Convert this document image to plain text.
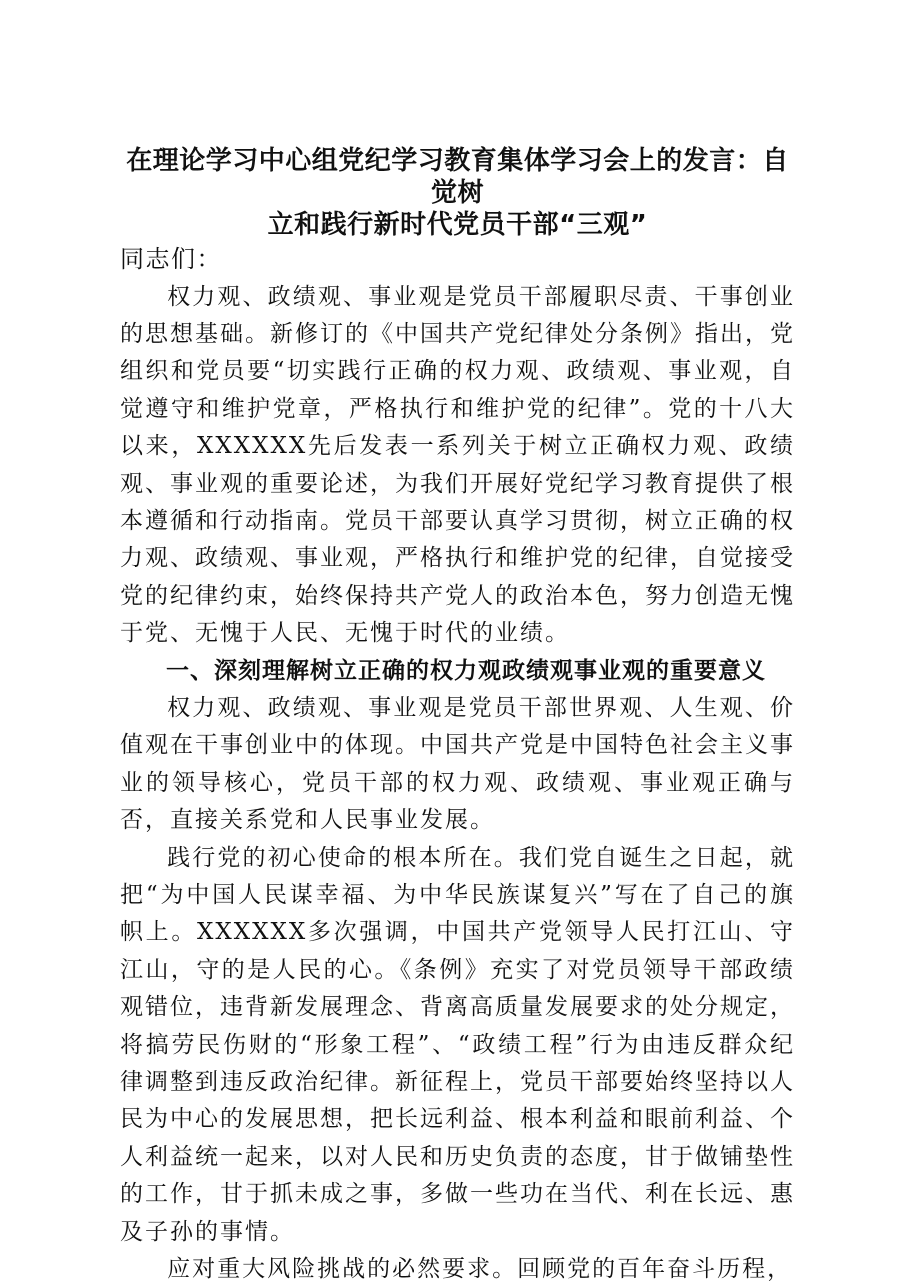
在理论学习中心组党纪学习教育集体学习会上的发言：自觉树
立和践行新时代党员干部“三观”

同志们：

权力观、政绩观、事业观是党员干部履职尽责、干事创业的思想基础。新修订的《中国共产党纪律处分条例》指出，党组织和党员要“切实践行正确的权力观、政绩观、事业观，自觉遵守和维护党章，严格执行和维护党的纪律”。党的十八大以来，XXXXXX先后发表一系列关于树立正确权力观、政绩观、事业观的重要论述，为我们开展好党纪学习教育提供了根本遵循和行动指南。党员干部要认真学习贯彻，树立正确的权力观、政绩观、事业观，严格执行和维护党的纪律，自觉接受党的纪律约束，始终保持共产党人的政治本色，努力创造无愧于党、无愧于人民、无愧于时代的业绩。

一、深刻理解树立正确的权力观政绩观事业观的重要意义

权力观、政绩观、事业观是党员干部世界观、人生观、价值观在干事创业中的体现。中国共产党是中国特色社会主义事业的领导核心，党员干部的权力观、政绩观、事业观正确与否，直接关系党和人民事业发展。

践行党的初心使命的根本所在。我们党自诞生之日起，就把“为中国人民谋幸福、为中华民族谋复兴”写在了自己的旗帜上。XXXXXX多次强调，中国共产党领导人民打江山、守江山，守的是人民的心。《条例》充实了对党员领导干部政绩观错位，违背新发展理念、背离高质量发展要求的处分规定，将搞劳民伤财的“形象工程”、“政绩工程”行为由违反群众纪律调整到违反政治纪律。新征程上，党员干部要始终坚持以人民为中心的发展思想，把长远利益、根本利益和眼前利益、个人利益统一起来，以对人民和历史负责的态度，甘于做铺垫性的工作，甘于抓未成之事，多做一些功在当代、利在长远、惠及子孙的事情。

应对重大风险挑战的必然要求。回顾党的百年奋斗历程，
